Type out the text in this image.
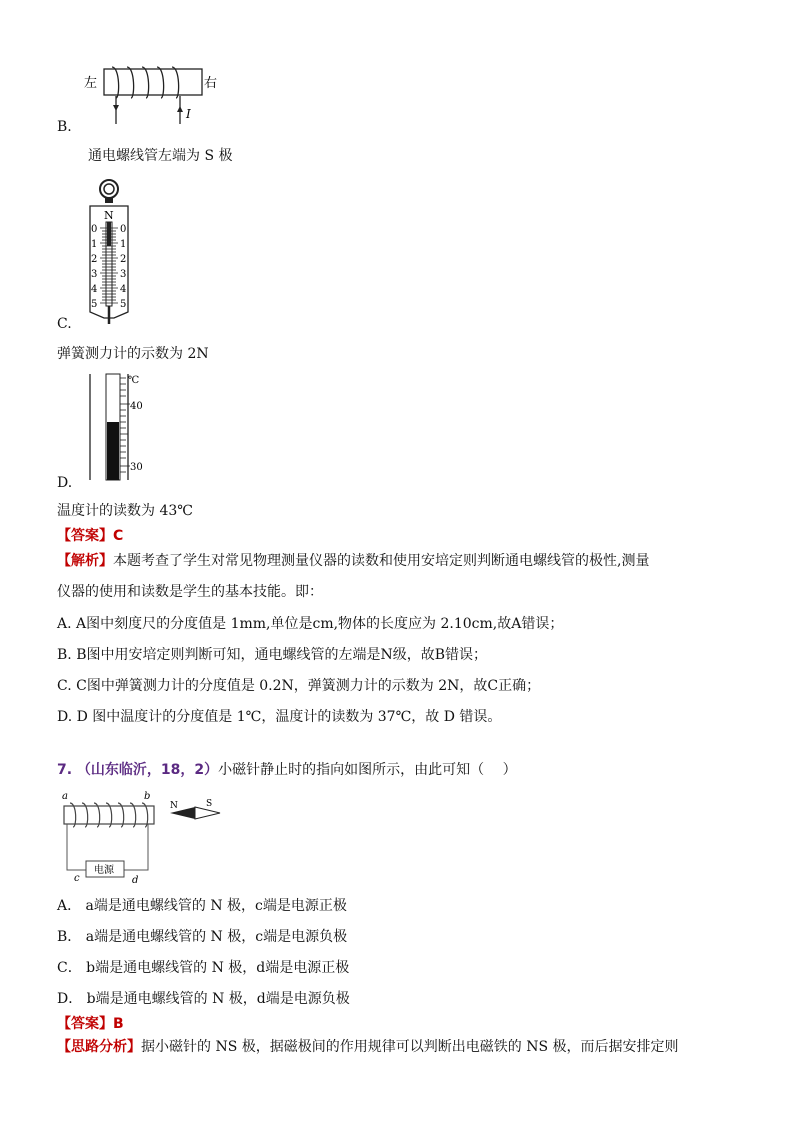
左	右
I
B.
通电螺线管左端为 S 极
N
0 0
1 1
2 2
3 3
4 4
5 5
C.
弹簧测力计的示数为 2N
℃
40
30
D.
温度计的读数为 43℃
【答案】C
【解析】本题考查了学生对常见物理测量仪器的读数和使用安培定则判断通电螺线管的极性,测量
仪器的使用和读数是学生的基本技能。即：
A. A图中刻度尺的分度值是 1mm,单位是cm,物体的长度应为 2.10cm,故A错误；
B. B图中用安培定则判断可知，通电螺线管的左端是N级，故B错误；
C. C图中弹簧测力计的分度值是 0.2N，弹簧测力计的示数为 2N，故C正确；
D. D 图中温度计的分度值是 1℃，温度计的读数为 37℃，故 D 错误。
7. （山东临沂，18，2）小磁针静止时的指向如图所示，由此可知（　 ）
a	b
电源
c	d
N	S
A． a端是通电螺线管的 N 极，c端是电源正极
B． a端是通电螺线管的 N 极，c端是电源负极
C． b端是通电螺线管的 N 极，d端是电源正极
D． b端是通电螺线管的 N 极，d端是电源负极
【答案】B
【思路分析】据小磁针的 NS 极，据磁极间的作用规律可以判断出电磁铁的 NS 极，而后据安排定则
